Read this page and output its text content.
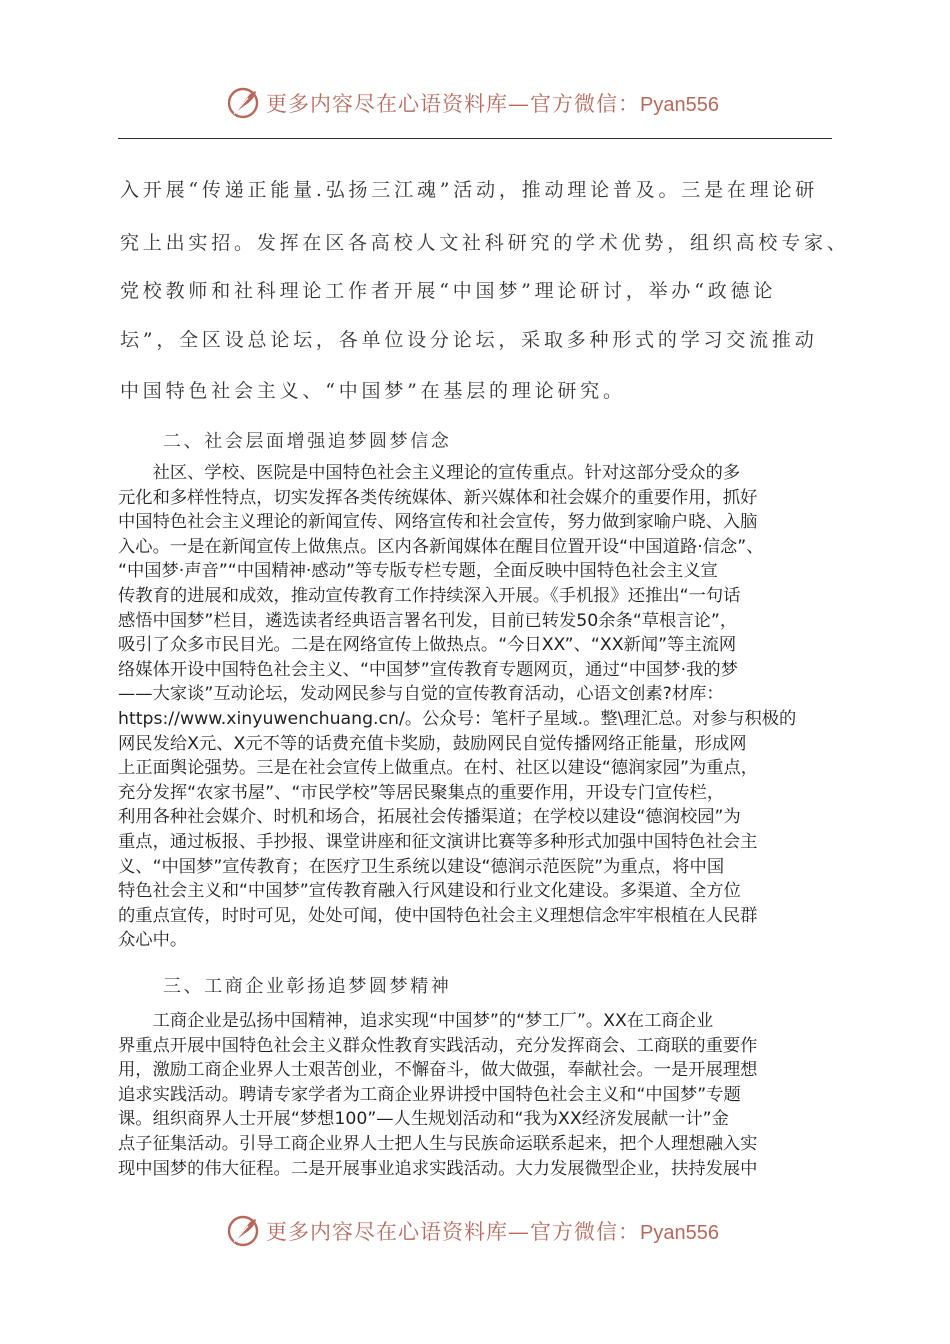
更多内容尽在心语资料库—官方微信：Pyan556
入开展“传递正能量.弘扬三江魂”活动，推动理论普及。三是在理论研
究上出实招。发挥在区各高校人文社科研究的学术优势，组织高校专家、
党校教师和社科理论工作者开展“中国梦”理论研讨，举办“政德论
坛”，全区设总论坛，各单位设分论坛，采取多种形式的学习交流推动
中国特色社会主义、“中国梦”在基层的理论研究。
二、社会层面增强追梦圆梦信念
　　社区、学校、医院是中国特色社会主义理论的宣传重点。针对这部分受众的多
元化和多样性特点，切实发挥各类传统媒体、新兴媒体和社会媒介的重要作用，抓好
中国特色社会主义理论的新闻宣传、网络宣传和社会宣传，努力做到家喻户晓、入脑
入心。一是在新闻宣传上做焦点。区内各新闻媒体在醒目位置开设“中国道路·信念”、
“中国梦·声音”“中国精神·感动”等专版专栏专题，全面反映中国特色社会主义宣
传教育的进展和成效，推动宣传教育工作持续深入开展。《手机报》还推出“一句话
感悟中国梦”栏目，遴选读者经典语言署名刊发，目前已转发50余条“草根言论”，
吸引了众多市民目光。二是在网络宣传上做热点。“今日XX”、“XX新闻”等主流网
络媒体开设中国特色社会主义、“中国梦”宣传教育专题网页，通过“中国梦·我的梦
——大家谈”互动论坛，发动网民参与自觉的宣传教育活动，心语文创素?材库：
https://www.xinyuwenchuang.cn/。公众号：笔杆子星域.。整\理汇总。对参与积极的
网民发给X元、X元不等的话费充值卡奖励，鼓励网民自觉传播网络正能量，形成网
上正面舆论强势。三是在社会宣传上做重点。在村、社区以建设“德润家园”为重点，
充分发挥“农家书屋”、“市民学校”等居民聚集点的重要作用，开设专门宣传栏，
利用各种社会媒介、时机和场合，拓展社会传播渠道；在学校以建设“德润校园”为
重点，通过板报、手抄报、课堂讲座和征文演讲比赛等多种形式加强中国特色社会主
义、“中国梦”宣传教育；在医疗卫生系统以建设“德润示范医院”为重点，将中国
特色社会主义和“中国梦”宣传教育融入行风建设和行业文化建设。多渠道、全方位
的重点宣传，时时可见，处处可闻，使中国特色社会主义理想信念牢牢根植在人民群
众心中。
三、工商企业彰扬追梦圆梦精神
　　工商企业是弘扬中国精神，追求实现“中国梦”的“梦工厂”。XX在工商企业
界重点开展中国特色社会主义群众性教育实践活动，充分发挥商会、工商联的重要作
用，激励工商企业界人士艰苦创业，不懈奋斗，做大做强，奉献社会。一是开展理想
追求实践活动。聘请专家学者为工商企业界讲授中国特色社会主义和“中国梦”专题
课。组织商界人士开展“梦想100”—人生规划活动和“我为XX经济发展献一计”金
点子征集活动。引导工商企业界人士把人生与民族命运联系起来，把个人理想融入实
现中国梦的伟大征程。二是开展事业追求实践活动。大力发展微型企业，扶持发展中
更多内容尽在心语资料库—官方微信：Pyan556
